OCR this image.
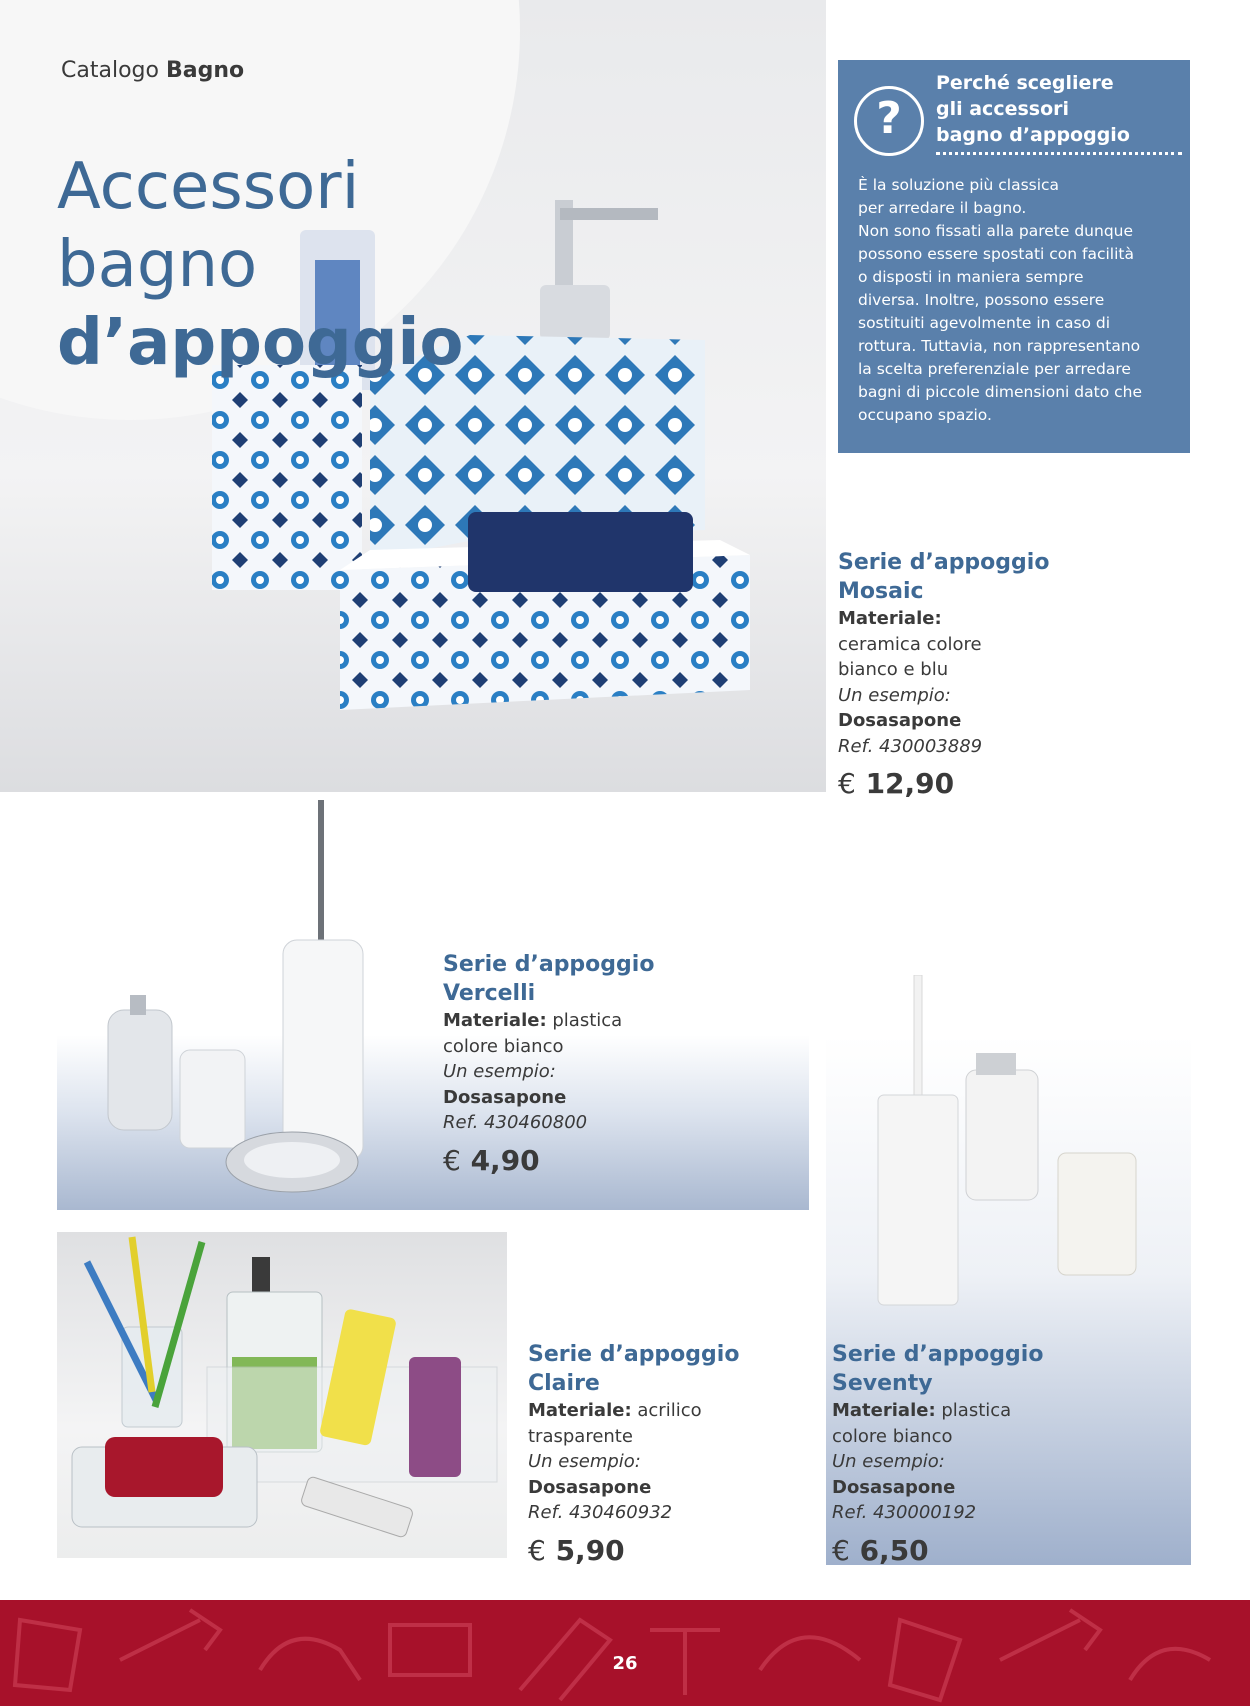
Catalogo Bagno
Accessori
bagno
d’appoggio
?
Perché scegliere
gli accessori
bagno d’appoggio
È la soluzione più classica
per arredare il bagno.
Non sono fissati alla parete dunque
possono essere spostati con facilità
o disposti in maniera sempre
diversa. Inoltre, possono essere
sostituiti agevolmente in caso di
rottura. Tuttavia, non rappresentano
la scelta preferenziale per arredare
bagni di piccole dimensioni dato che
occupano spazio.
Serie d’appoggio
Mosaic
Materiale:
ceramica colore
bianco e blu
Un esempio:
Dosasapone
Ref. 430003889
€ 12,90
Serie d’appoggio
Vercelli
Materiale: plastica
colore bianco
Un esempio:
Dosasapone
Ref. 430460800
€ 4,90
Serie d’appoggio
Seventy
Materiale: plastica
colore bianco
Un esempio:
Dosasapone
Ref. 430000192
€ 6,50
Serie d’appoggio
Claire
Materiale: acrilico
trasparente
Un esempio:
Dosasapone
Ref. 430460932
€ 5,90
26
